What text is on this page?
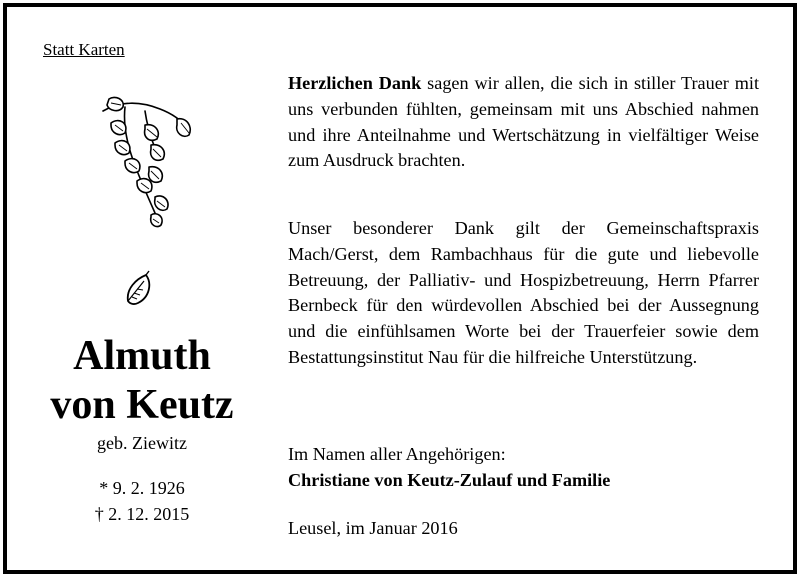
Statt Karten
Almuth
von Keutz
geb. Ziewitz
* 9. 2. 1926
† 2. 12. 2015
Herzlichen Dank sagen wir allen, die sich in stiller Trauer mit uns verbunden fühlten, gemeinsam mit uns Abschied nahmen und ihre Anteilnahme und Wertschätzung in vielfältiger Weise zum Ausdruck brachten.
Unser besonderer Dank gilt der Gemeinschaftspraxis Mach/Gerst, dem Rambachhaus für die gute und liebevolle Betreuung, der Palliativ- und Hospizbetreuung, Herrn Pfarrer Bernbeck für den würdevollen Abschied bei der Aussegnung und die einfühlsamen Worte bei der Trauerfeier sowie dem Bestattungsinstitut Nau für die hilfreiche Unterstützung.
Im Namen aller Angehörigen:
Christiane von Keutz-Zulauf und Familie
Leusel, im Januar 2016
